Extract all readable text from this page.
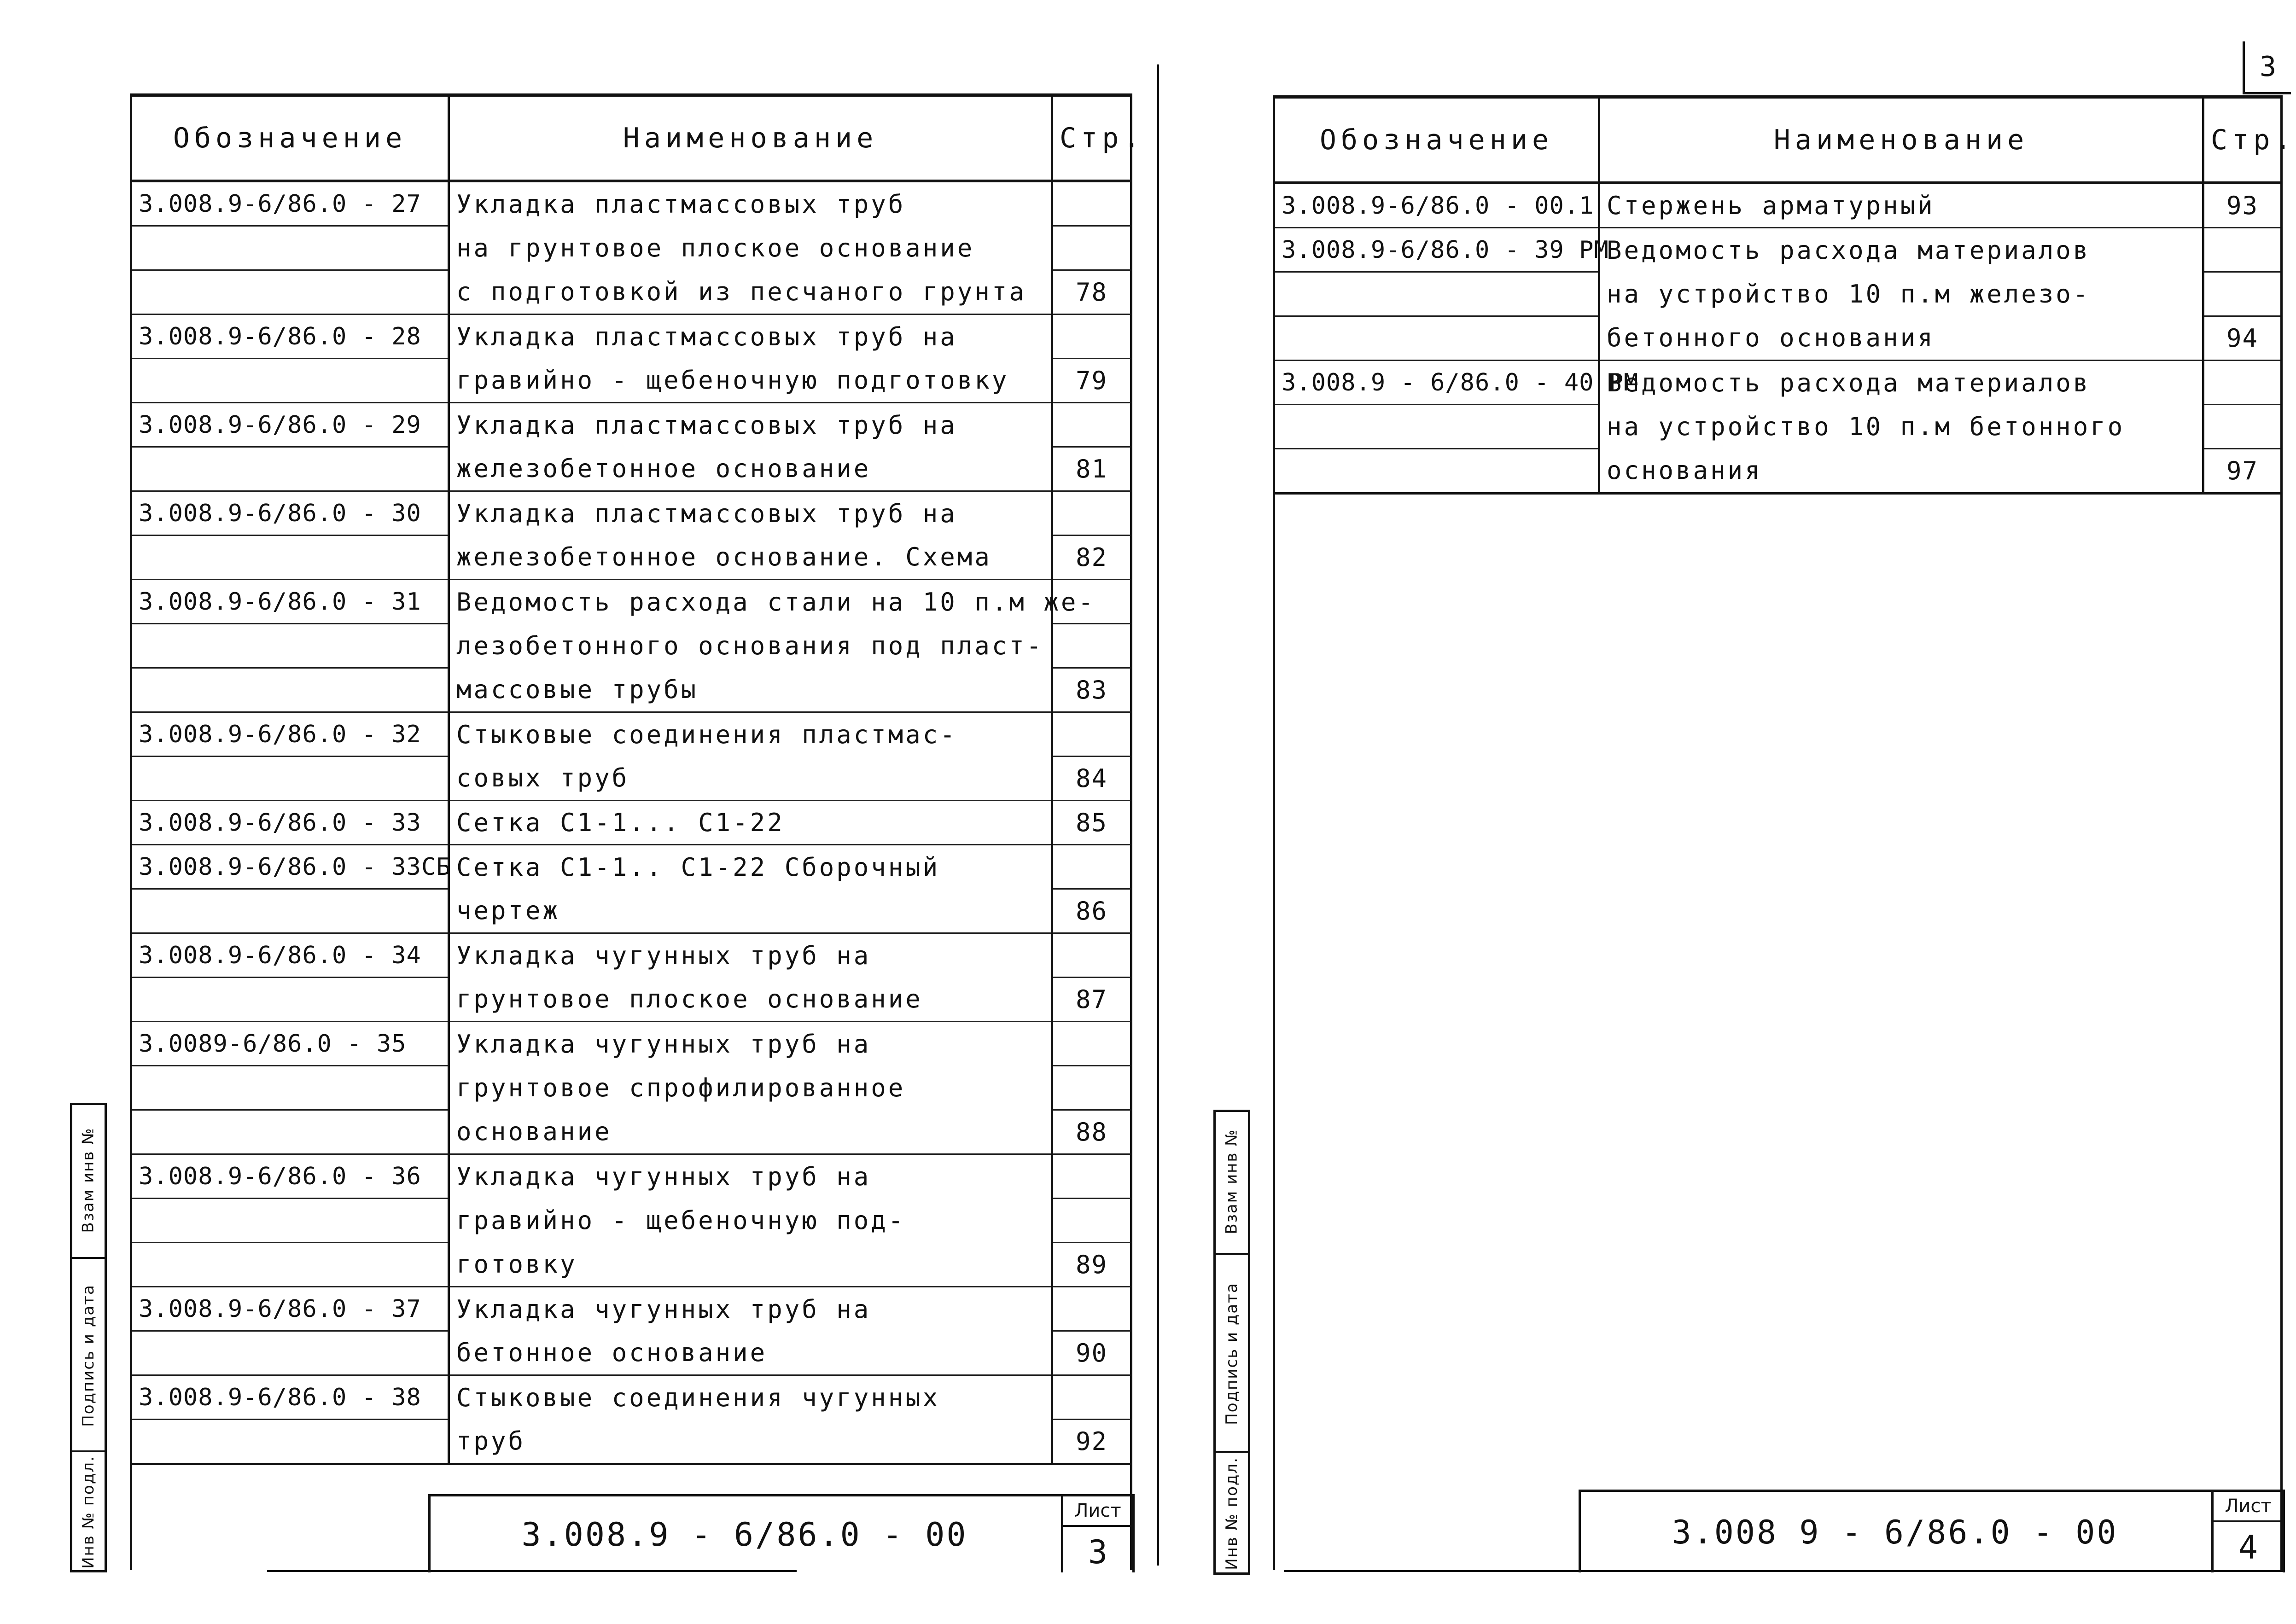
Обозначение	Наименование	Стр.
3.008.9-6/86.0 - 27	Укладка пластмассовых труб	
	на грунтовое плоское основание	
	с подготовкой из песчаного грунта	78
3.008.9-6/86.0 - 28	Укладка пластмассовых труб на	
	гравийно - щебеночную подготовку	79
3.008.9-6/86.0 - 29	Укладка пластмассовых труб на	
	железобетонное основание	81
3.008.9-6/86.0 - 30	Укладка пластмассовых труб на	
	железобетонное основание. Схема	82
3.008.9-6/86.0 - 31	Ведомость расхода стали на 10 п.м же-	
	лезобетонного основания под пласт-	
	массовые трубы	83
3.008.9-6/86.0 - 32	Стыковые соединения пластмас-	
	совых труб	84
3.008.9-6/86.0 - 33	Сетка С1-1... С1-22	85
3.008.9-6/86.0 - 33СБ	Сетка С1-1.. С1-22 Сборочный	
	чертеж	86
3.008.9-6/86.0 - 34	Укладка чугунных труб на	
	грунтовое плоское основание	87
3.0089-6/86.0 - 35	Укладка чугунных труб на	
	грунтовое спрофилированное	
	основание	88
3.008.9-6/86.0 - 36	Укладка чугунных труб на	
	гравийно - щебеночную под-	
	готовку	89
3.008.9-6/86.0 - 37	Укладка чугунных труб на	
	бетонное основание	90
3.008.9-6/86.0 - 38	Стыковые соединения чугунных	
	труб	92
Взам инв №
Подпись и дата
Инв № подл.	3.008.9 - 6/86.0 - 00
Лист
3
Обозначение	Наименование	Стр.
3.008.9-6/86.0 - 00.1	Стержень арматурный	93
3.008.9-6/86.0 - 39 РМ	Ведомость расхода материалов	
	на устройство 10 п.м железо-	
	бетонного основания	94
3.008.9 - 6/86.0 - 40 РМ	Ведомость расхода материалов	
	на устройство 10 п.м бетонного	
	основания	97
Взам инв №
Подпись и дата
Инв № подл.	3.008 9 - 6/86.0 - 00
Лист
4
3
